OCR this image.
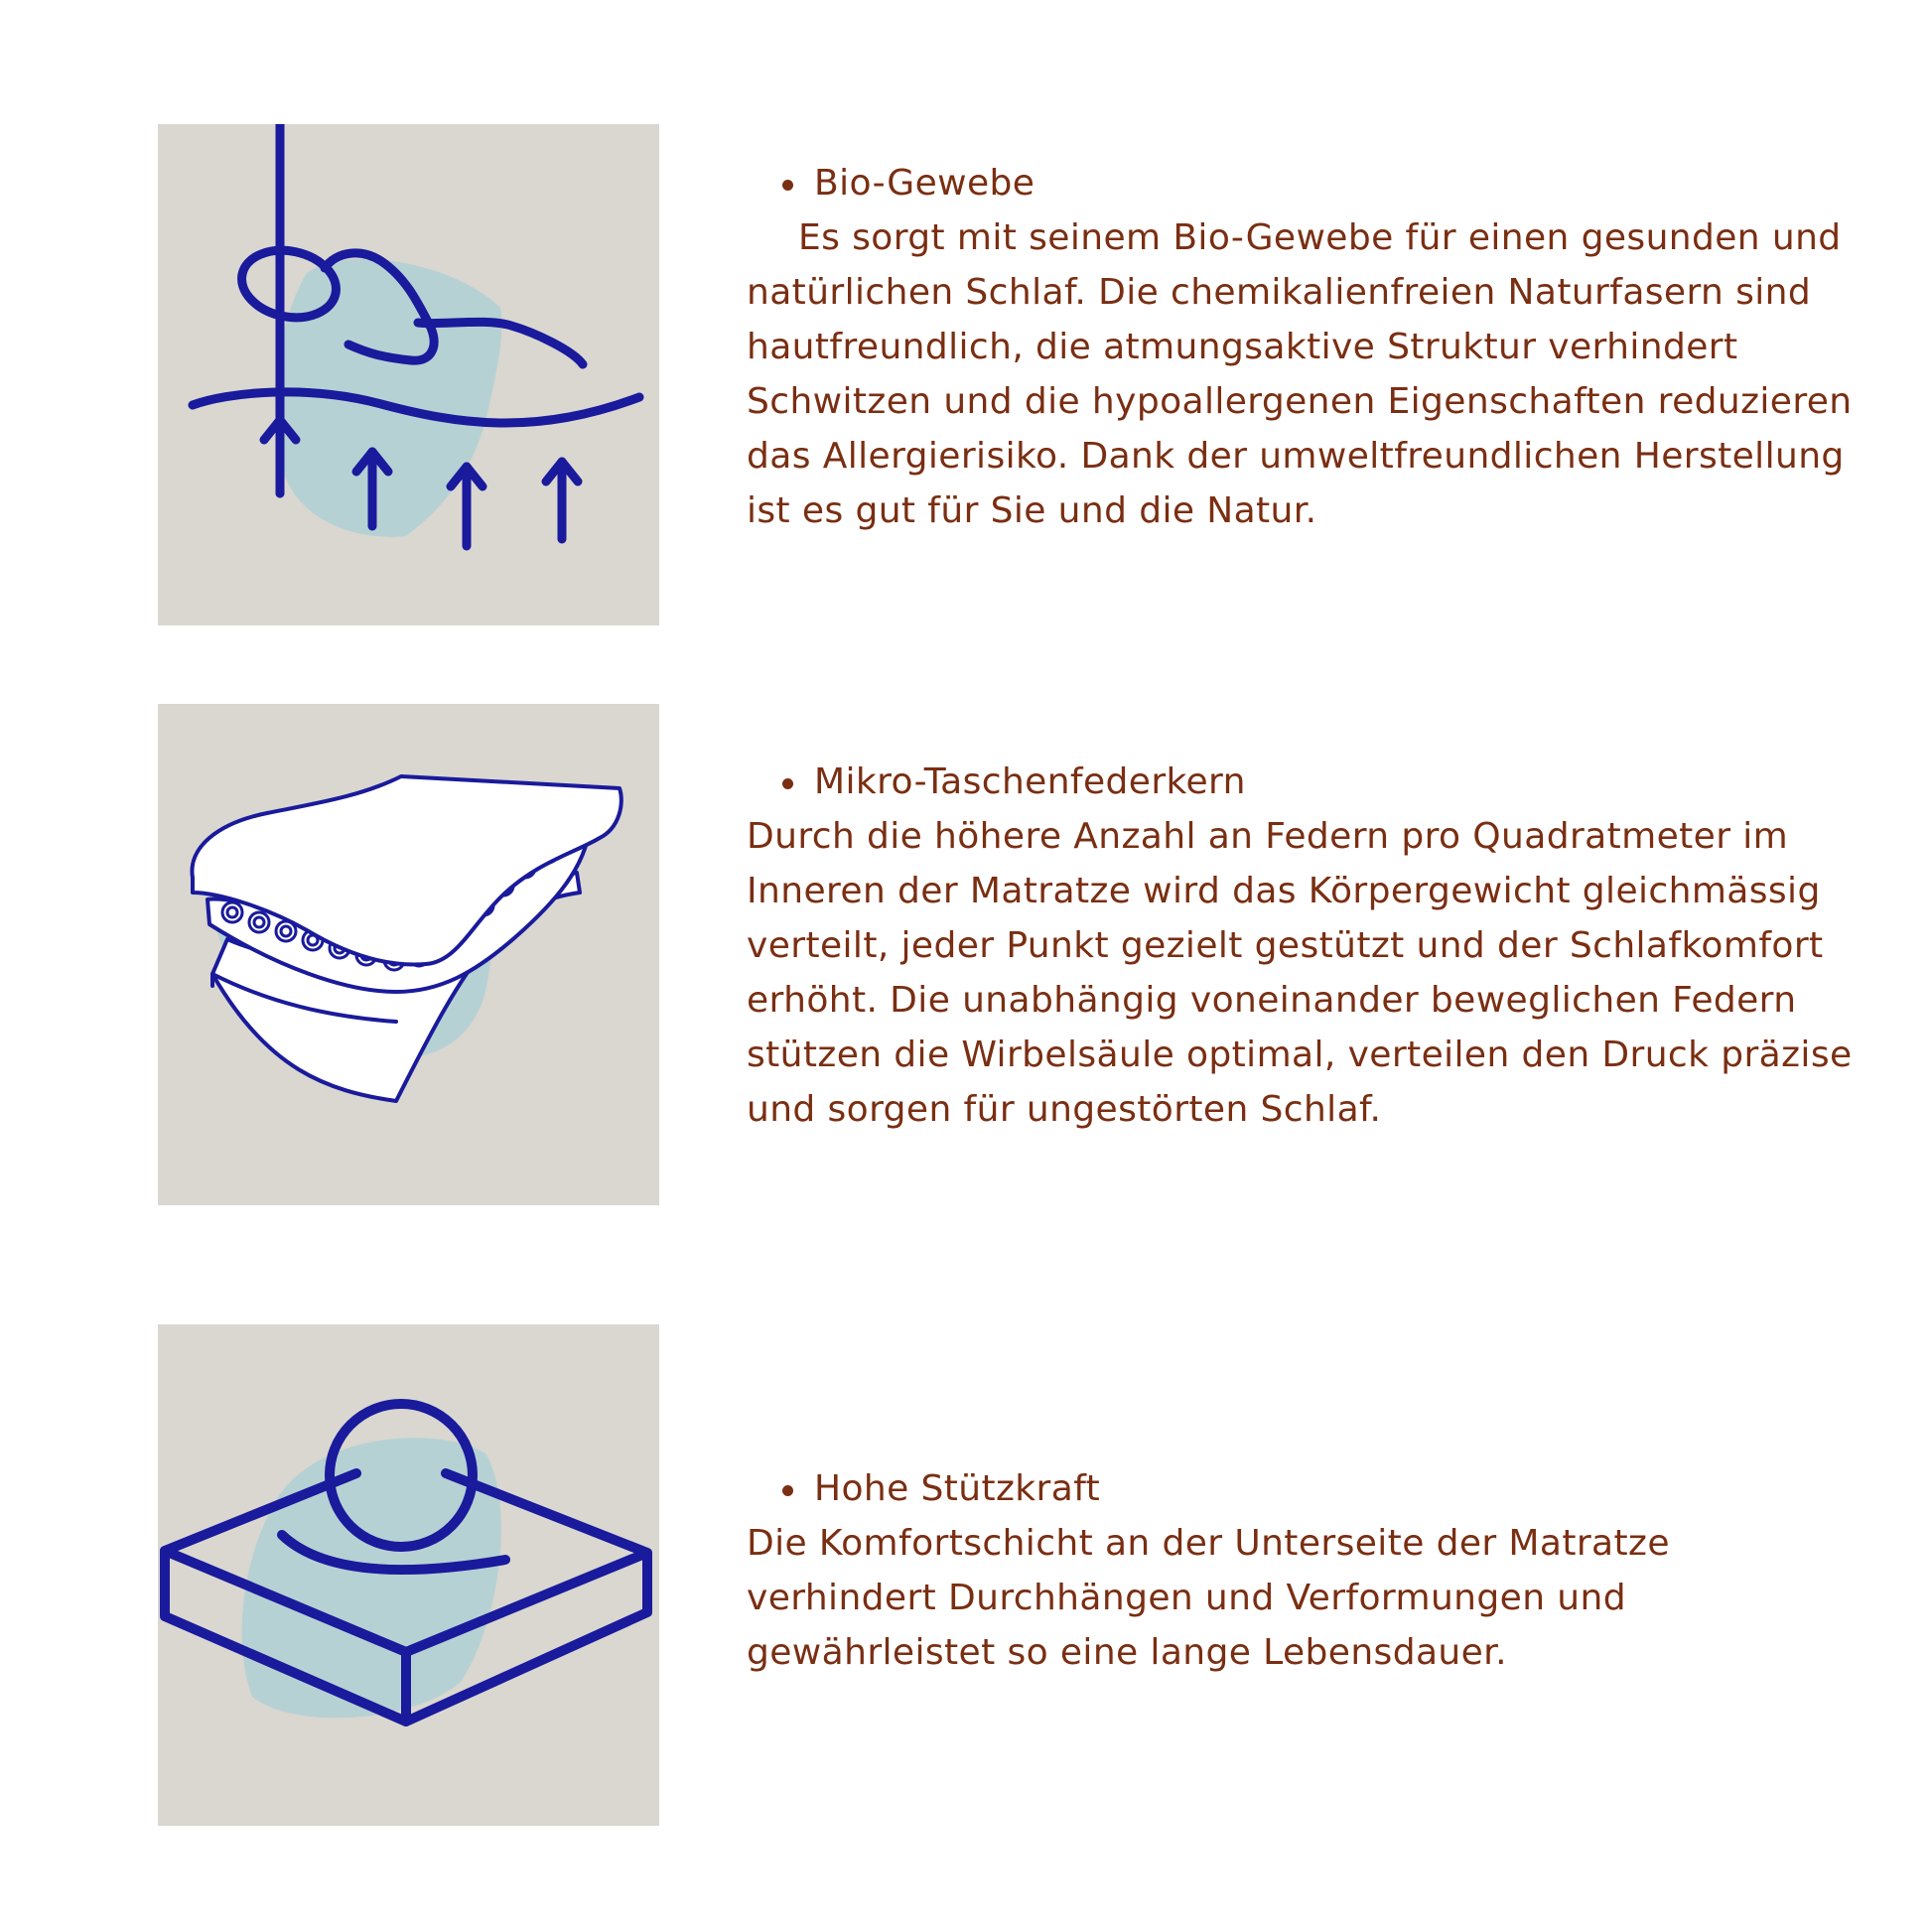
Bio-Gewebe

Es sorgt mit seinem Bio-Gewebe für einen gesunden und natürlichen Schlaf. Die chemikalienfreien Naturfasern sind hautfreundlich, die atmungsaktive Struktur verhindert Schwitzen und die hypoallergenen Eigenschaften reduzieren das Allergierisiko. Dank der umweltfreundlichen Herstellung ist es gut für Sie und die Natur.

Mikro-Taschenfederkern

Durch die höhere Anzahl an Federn pro Quadratmeter im Inneren der Matratze wird das Körpergewicht gleichmässig verteilt, jeder Punkt gezielt gestützt und der Schlafkomfort erhöht. Die unabhängig voneinander beweglichen Federn stützen die Wirbelsäule optimal, verteilen den Druck präzise und sorgen für ungestörten Schlaf.

Hohe Stützkraft

Die Komfortschicht an der Unterseite der Matratze verhindert Durchhängen und Verformungen und gewährleistet so eine lange Lebensdauer.
